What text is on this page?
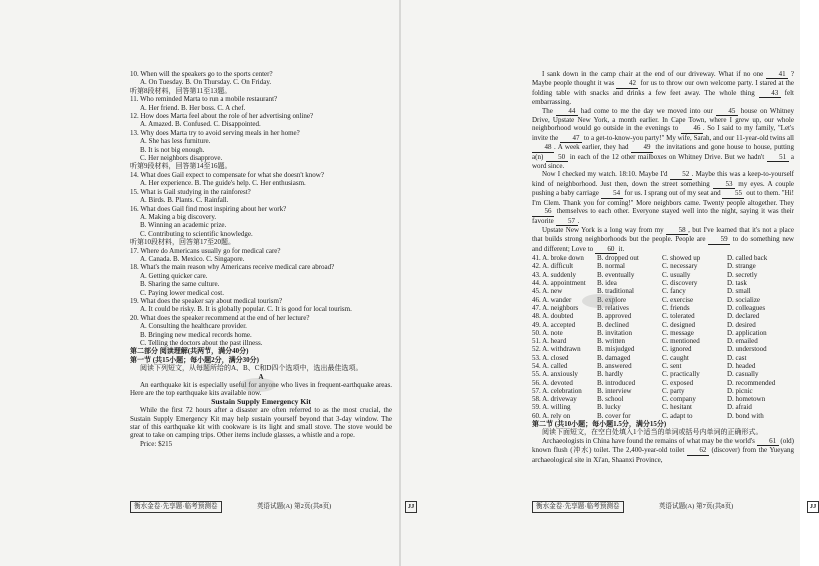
10. When will the speakers go to the sports center?
A. On Tuesday. B. On Thursday. C. On Friday.
听第8段材料，回答第11至13题。
11. Who reminded Marta to run a mobile restaurant?
A. Her friend. B. Her boss. C. A chef.
12. How does Marta feel about the role of her advertising online?
A. Amazed. B. Confused. C. Disappointed.
13. Why does Marta try to avoid serving meals in her home?
A. She has less furniture.
B. It is not big enough.
C. Her neighbors disapprove.
听第9段材料，回答第14至16题。
14. What does Gail expect to compensate for what she doesn't know?
A. Her experience. B. The guide's help. C. Her enthusiasm.
15. What is Gail studying in the rainforest?
A. Birds. B. Plants. C. Rainfall.
16. What does Gail find most inspiring about her work?
A. Making a big discovery.
B. Winning an academic prize.
C. Contributing to scientific knowledge.
听第10段材料，回答第17至20题。
17. Where do Americans usually go for medical care?
A. Canada. B. Mexico. C. Singapore.
18. What's the main reason why Americans receive medical care abroad?
A. Getting quicker care.
B. Sharing the same culture.
C. Paying lower medical cost.
19. What does the speaker say about medical tourism?
A. It could be risky. B. It is globally popular. C. It is good for local tourism.
20. What does the speaker recommend at the end of her lecture?
A. Consulting the healthcare provider.
B. Bringing new medical records home.
C. Telling the doctors about the past illness.
第二部分 阅读理解(共两节，满分40分)
第一节 (共15小题；每小题2分，满分30分)
阅读下列短文，从每题所给的A、B、C和D四个选项中，选出最佳选项。
A
An earthquake kit is especially useful for anyone who lives in frequent-earthquake areas. Here are the top earthquake kits available now.
Sustain Supply Emergency Kit
While the first 72 hours after a disaster are often referred to as the most crucial, the Sustain Supply Emergency Kit may help sustain yourself beyond that 3-day window. The star of this earthquake kit with cookware is its light and small stove. The stove would be great to take on camping trips. Other items include glasses, a whistle and a rope.
Price: $215
衡水金卷·先享题·临考预测卷	英语试题(A) 第2页(共8页)	JJ
I sank down in the camp chair at the end of our driveway. What if no one 41 ? Maybe people thought it was 42 for us to throw our own welcome party. I stared at the folding table with snacks and drinks a few feet away. The whole thing 43 felt embarrassing.
The 44 had come to me the day we moved into our 45 house on Whitney Drive, Upstate New York, a month earlier. In Cape Town, where I grew up, our whole neighborhood would go outside in the evenings to 46 . So I said to my family, "Let's invite the 47 to a get-to-know-you party!" My wife, Sarah, and our 11-year-old twins all 48 . A week earlier, they had 49 the invitations and gone house to house, putting a(n) 50 in each of the 12 other mailboxes on Whitney Drive. But we hadn't 51 a word since.
Now I checked my watch. 18:10. Maybe I'd 52 . Maybe this was a keep-to-yourself kind of neighborhood. Just then, down the street something 53 my eyes. A couple pushing a baby carriage 54 for us. I sprang out of my seat and 55 out to them. "Hi! I'm Clem. Thank you for coming!" More neighbors came. Twenty people altogether. They 56 themselves to each other. Everyone stayed well into the night, saying it was their favorite 57 .
Upstate New York is a long way from my 58 , but I've learned that it's not a place that builds strong neighborhoods but the people. People are 59 to do something new and different; Love to 60 it.
41. A. broke down	B. dropped out	C. showed up	D. called back
42. A. difficult	B. normal	C. necessary	D. strange
43. A. suddenly	B. eventually	C. usually	D. secretly
44. A. appointment	B. idea	C. discovery	D. task
45. A. new	B. traditional	C. fancy	D. small
46. A. wander	B. explore	C. exercise	D. socialize
47. A. neighbors	B. relatives	C. friends	D. colleagues
48. A. doubted	B. approved	C. tolerated	D. declared
49. A. accepted	B. declined	C. designed	D. desired
50. A. note	B. invitation	C. message	D. application
51. A. heard	B. written	C. mentioned	D. emailed
52. A. withdrawn	B. misjudged	C. ignored	D. understood
53. A. closed	B. damaged	C. caught	D. cast
54. A. called	B. answered	C. sent	D. headed
55. A. anxiously	B. hardly	C. practically	D. casually
56. A. devoted	B. introduced	C. exposed	D. recommended
57. A. celebration	B. interview	C. party	D. picnic
58. A. driveway	B. school	C. company	D. hometown
59. A. willing	B. lucky	C. hesitant	D. afraid
60. A. rely on	B. cover for	C. adapt to	D. bond with
第二节 (共10小题；每小题1.5分，满分15分)
阅读下面短文，在空白处填入1个适当的单词或括号内单词的正确形式。
Archaeologists in China have found the remains of what may be the world's 61 (old) known flush (冲水) toilet. The 2,400-year-old toilet 62 (discover) from the Yueyang archaeological site in Xi'an, Shaanxi Province,
衡水金卷·先享题·临考预测卷	英语试题(A) 第7页(共8页)	JJ
